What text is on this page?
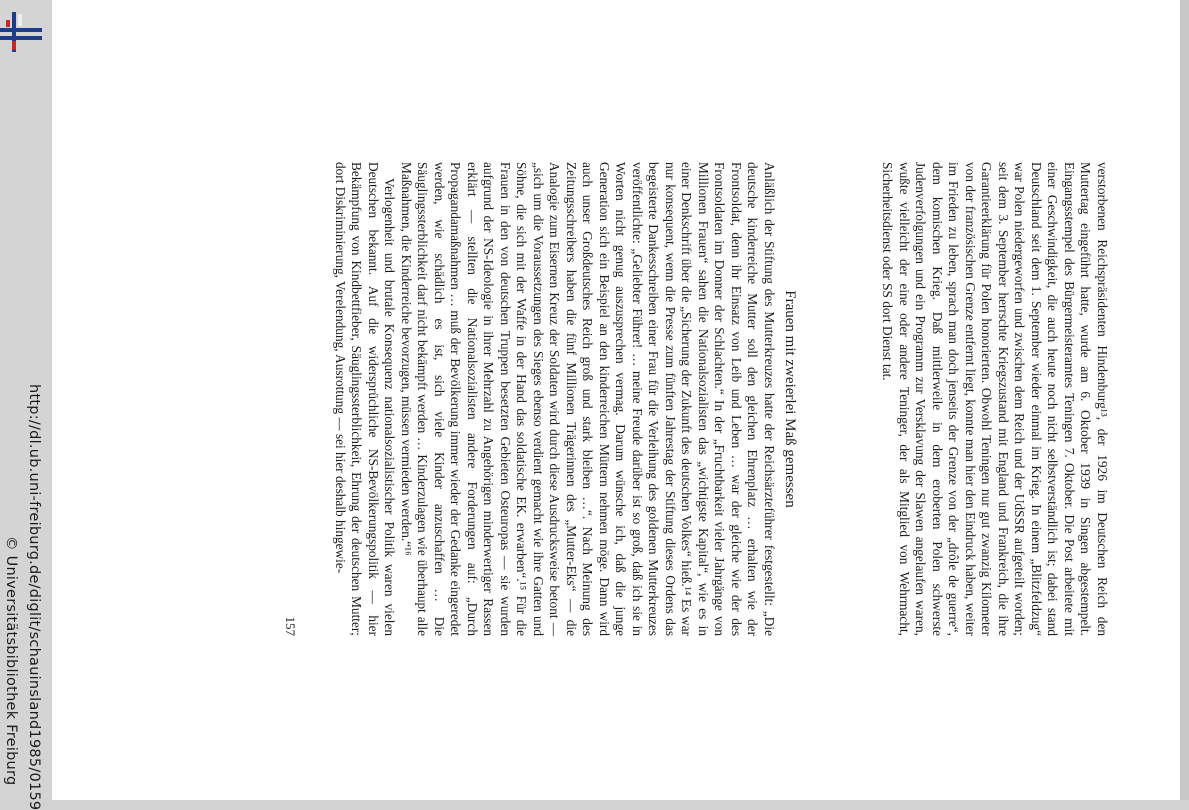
http://dl.ub.uni-freiburg.de/diglit/schauinsland1985/0159
© Universitätsbibliothek Freiburg

verstorbenen Reichspräsidenten Hindenburg¹³, der 1926 im Deutschen Reich den Muttertag eingeführt hatte, wurde am 6. Oktober 1939 in Singen abgestempelt. Eingangsstempel des Bürgermeisteramtes Teningen 7. Oktober. Die Post arbeitete mit einer Geschwindigkeit, die auch heute noch nicht selbstverständlich ist; dabei stand Deutschland seit dem 1. September wieder einmal im Krieg. In einem „Blitzfeldzug“ war Polen niedergeworfen und zwischen dem Reich und der UdSSR aufgeteilt worden; seit dem 3. September herrschte Kriegszustand mit England und Frankreich, die ihre Garantieerklärung für Polen honorierten. Obwohl Teningen nur gut zwanzig Kilometer von der französischen Grenze entfernt liegt, konnte man hier den Eindruck haben, weiter im Frieden zu leben, sprach man doch jenseits der Grenze von der „drôle de guerre“, dem komischen Krieg. Daß mittlerweile in dem eroberten Polen schwerste Judenverfolgungen und ein Programm zur Versklavung der Slawen angelaufen waren, wußte vielleicht der eine oder andere Teninger, der als Mitglied von Wehrmacht, Sicherheitsdienst oder SS dort Dienst tat.

Frauen mit zweierlei Maß gemessen

Anläßlich der Stiftung des Mutterkreuzes hatte der Reichsärzteführer festgestellt: „Die deutsche kinderreiche Mutter soll den gleichen Ehrenplatz … erhalten wie der Frontsoldat, denn ihr Einsatz von Leib und Leben … war der gleiche wie der des Frontsoldaten im Donner der Schlachten.“ In der „Fruchtbarkeit vieler Jahrgänge von Millionen Frauen“ sahen die Nationalsozialisten das „wichtigste Kapital“, wie es in einer Denkschrift über die „Sicherung der Zukunft des deutschen Volkes“ hieß.¹⁴ Es war nur konsequent, wenn die Presse zum fünften Jahrestag der Stiftung dieses Ordens das begeisterte Dankesschreiben einer Frau für die Verleihung des goldenen Mutterkreuzes veröffentlichte: „Geliebter Führer! … meine Freude darüber ist so groß, daß ich sie in Worten nicht genug auszusprechen vermag. Darum wünsche ich, daß die junge Generation sich ein Beispiel an den kinderreichen Müttern nehmen möge. Dann wird auch unser Großdeutsches Reich groß und stark bleiben …“. Nach Meinung des Zeitungsschreibers haben die fünf Millionen Trägerinnen des „Mutter-Eks“ — die Analogie zum Eisernen Kreuz der Soldaten wird durch diese Ausdrucksweise betont — „sich um die Voraussetzungen des Sieges ebenso verdient gemacht wie ihre Gatten und Söhne, die sich mit der Waffe in der Hand das soldatische EK. erwarben“.¹⁵ Für die Frauen in den von deutschen Truppen besetzten Gebieten Osteuropas — sie wurden aufgrund der NS-Ideologie in ihrer Mehrzahl zu Angehörigen minderwertiger Rassen erklärt — stellten die Nationalsozialisten andere Forderungen auf: „Durch Propagandamaßnahmen … muß der Bevölkerung immer wieder der Gedanke eingeredet werden, wie schädlich es ist, sich viele Kinder anzuschaffen … Die Säuglingssterblichkeit darf nicht bekämpft werden … Kinderzulagen wie überhaupt alle Maßnahmen, die Kinderreiche bevorzugen, müssen vermieden werden.“¹⁶

Verlogenheit und brutale Konsequenz nationalsozialistischer Politik waren vielen Deutschen bekannt. Auf die widersprüchliche NS-Bevölkerungspolitik — hier Bekämpfung von Kindbettfieber, Säuglingssterblichkeit, Ehrung der deutschen Mutter; dort Diskriminierung, Verelendung, Ausrottung — sei hier deshalb hingewie-

157
